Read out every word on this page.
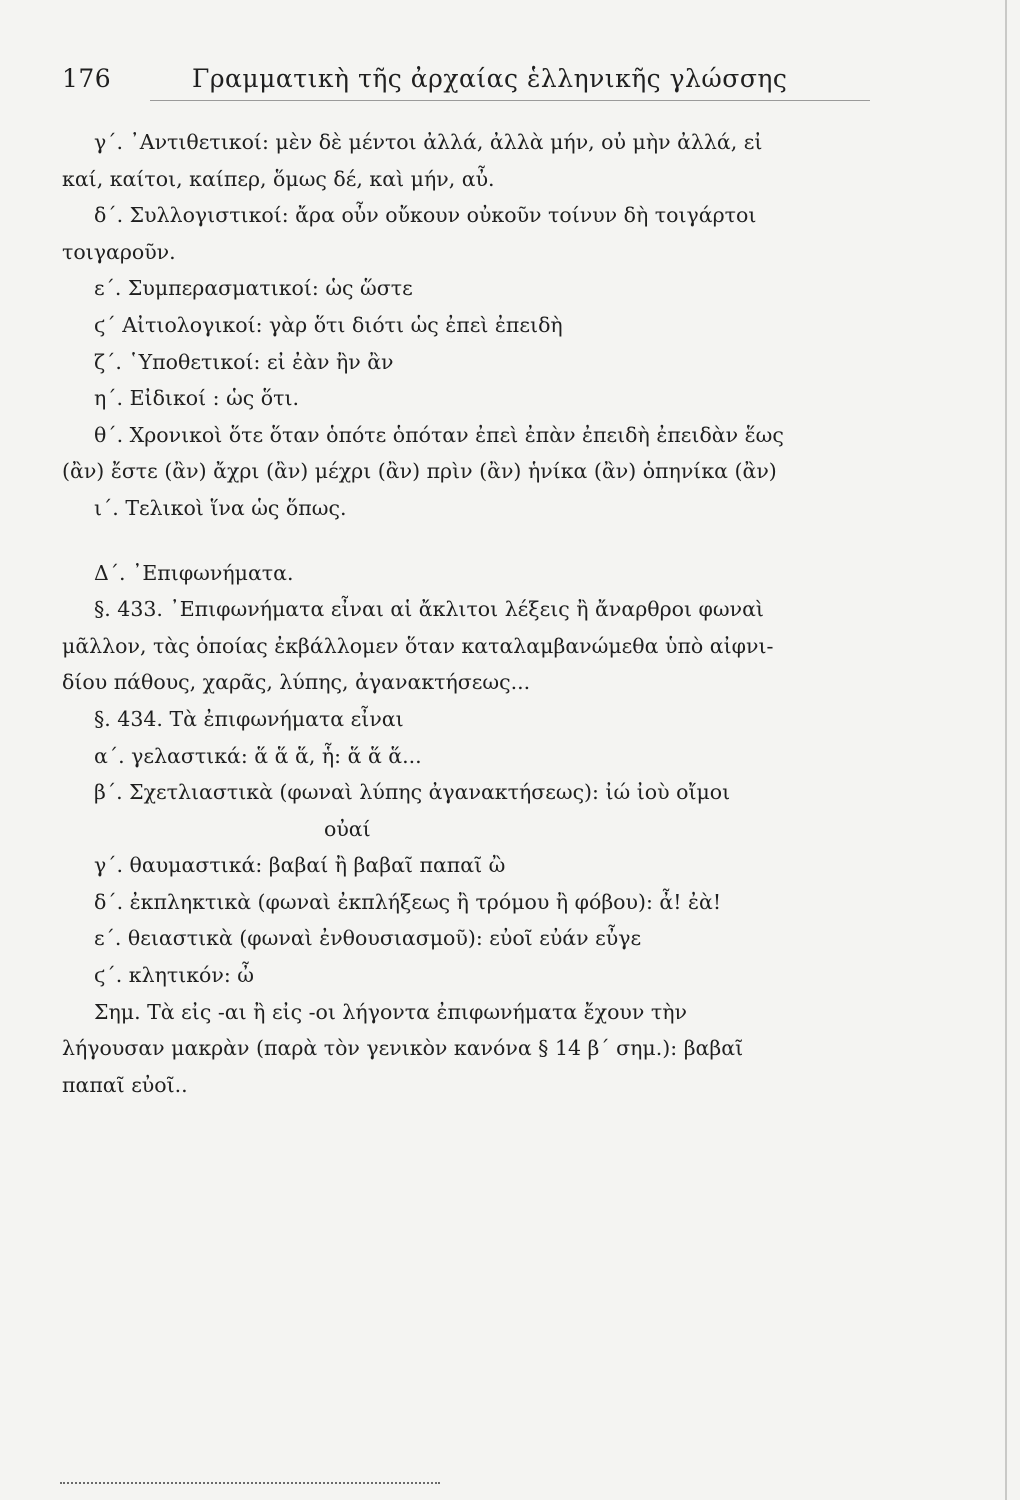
176	Γραμματικὴ τῆς ἀρχαίας ἑλληνικῆς γλώσσης
γ΄. ᾿Αντιθετικοί: μὲν δὲ μέντοι ἀλλά, ἀλλὰ μήν, οὐ μὴν ἀλλά, εἰ
καί, καίτοι, καίπερ, ὅμως δέ, καὶ μήν, αὖ.
δ΄. Συλλογιστικοί: ἄρα οὖν οὔκουν οὐκοῦν τοίνυν δὴ τοιγάρτοι
τοιγαροῦν.
ε΄. Συμπερασματικοί: ὡς ὥστε
ϛ΄ Αἰτιολογικοί: γὰρ ὅτι διότι ὡς ἐπεὶ ἐπειδὴ
ζ΄. ῾Υποθετικοί: εἰ ἐὰν ἢν ἂν
η΄. Εἰδικοί : ὡς ὅτι.
θ΄. Χρονικοὶ ὅτε ὅταν ὁπότε ὁπόταν ἐπεὶ ἐπὰν ἐπειδὴ ἐπειδὰν ἕως
(ἂν) ἔστε (ἂν) ἄχρι (ἂν) μέχρι (ἂν) πρὶν (ἂν) ἡνίκα (ἂν) ὁπηνίκα (ἂν)
ι΄. Τελικοὶ ἵνα ὡς ὅπως.
Δ΄. ᾿Επιφωνήματα.
§. 433. ᾿Επιφωνήματα εἶναι αἱ ἄκλιτοι λέξεις ἢ ἄναρθροι φωναὶ
μᾶλλον, τὰς ὁποίας ἐκβάλλομεν ὅταν καταλαμβανώμεθα ὑπὸ αἰφνι-
δίου πάθους, χαρᾶς, λύπης, ἀγανακτήσεως...
§. 434. Τὰ ἐπιφωνήματα εἶναι
α΄. γελαστικά: ἅ ἅ ἅ, ἧ: ἅ ἅ ἅ...
β΄. Σχετλιαστικὰ (φωναὶ λύπης ἀγανακτήσεως): ἰώ ἰοὺ οἴμοι
οὐαί
γ΄. θαυμαστικά: βαβαί ἢ βαβαῖ παπαῖ ὢ
δ΄. ἐκπληκτικὰ (φωναὶ ἐκπλήξεως ἢ τρόμου ἢ φόβου): ἆ! ἐὰ!
ε΄. θειαστικὰ (φωναὶ ἐνθουσιασμοῦ): εὐοῖ εὐάν εὖγε
ϛ΄. κλητικόν: ὦ
Σημ. Τὰ εἰς -αι ἢ εἰς -οι λήγοντα ἐπιφωνήματα ἔχουν τὴν
λήγουσαν μακρὰν (παρὰ τὸν γενικὸν κανόνα § 14 β΄ σημ.): βαβαῖ
παπαῖ εὐοῖ..
